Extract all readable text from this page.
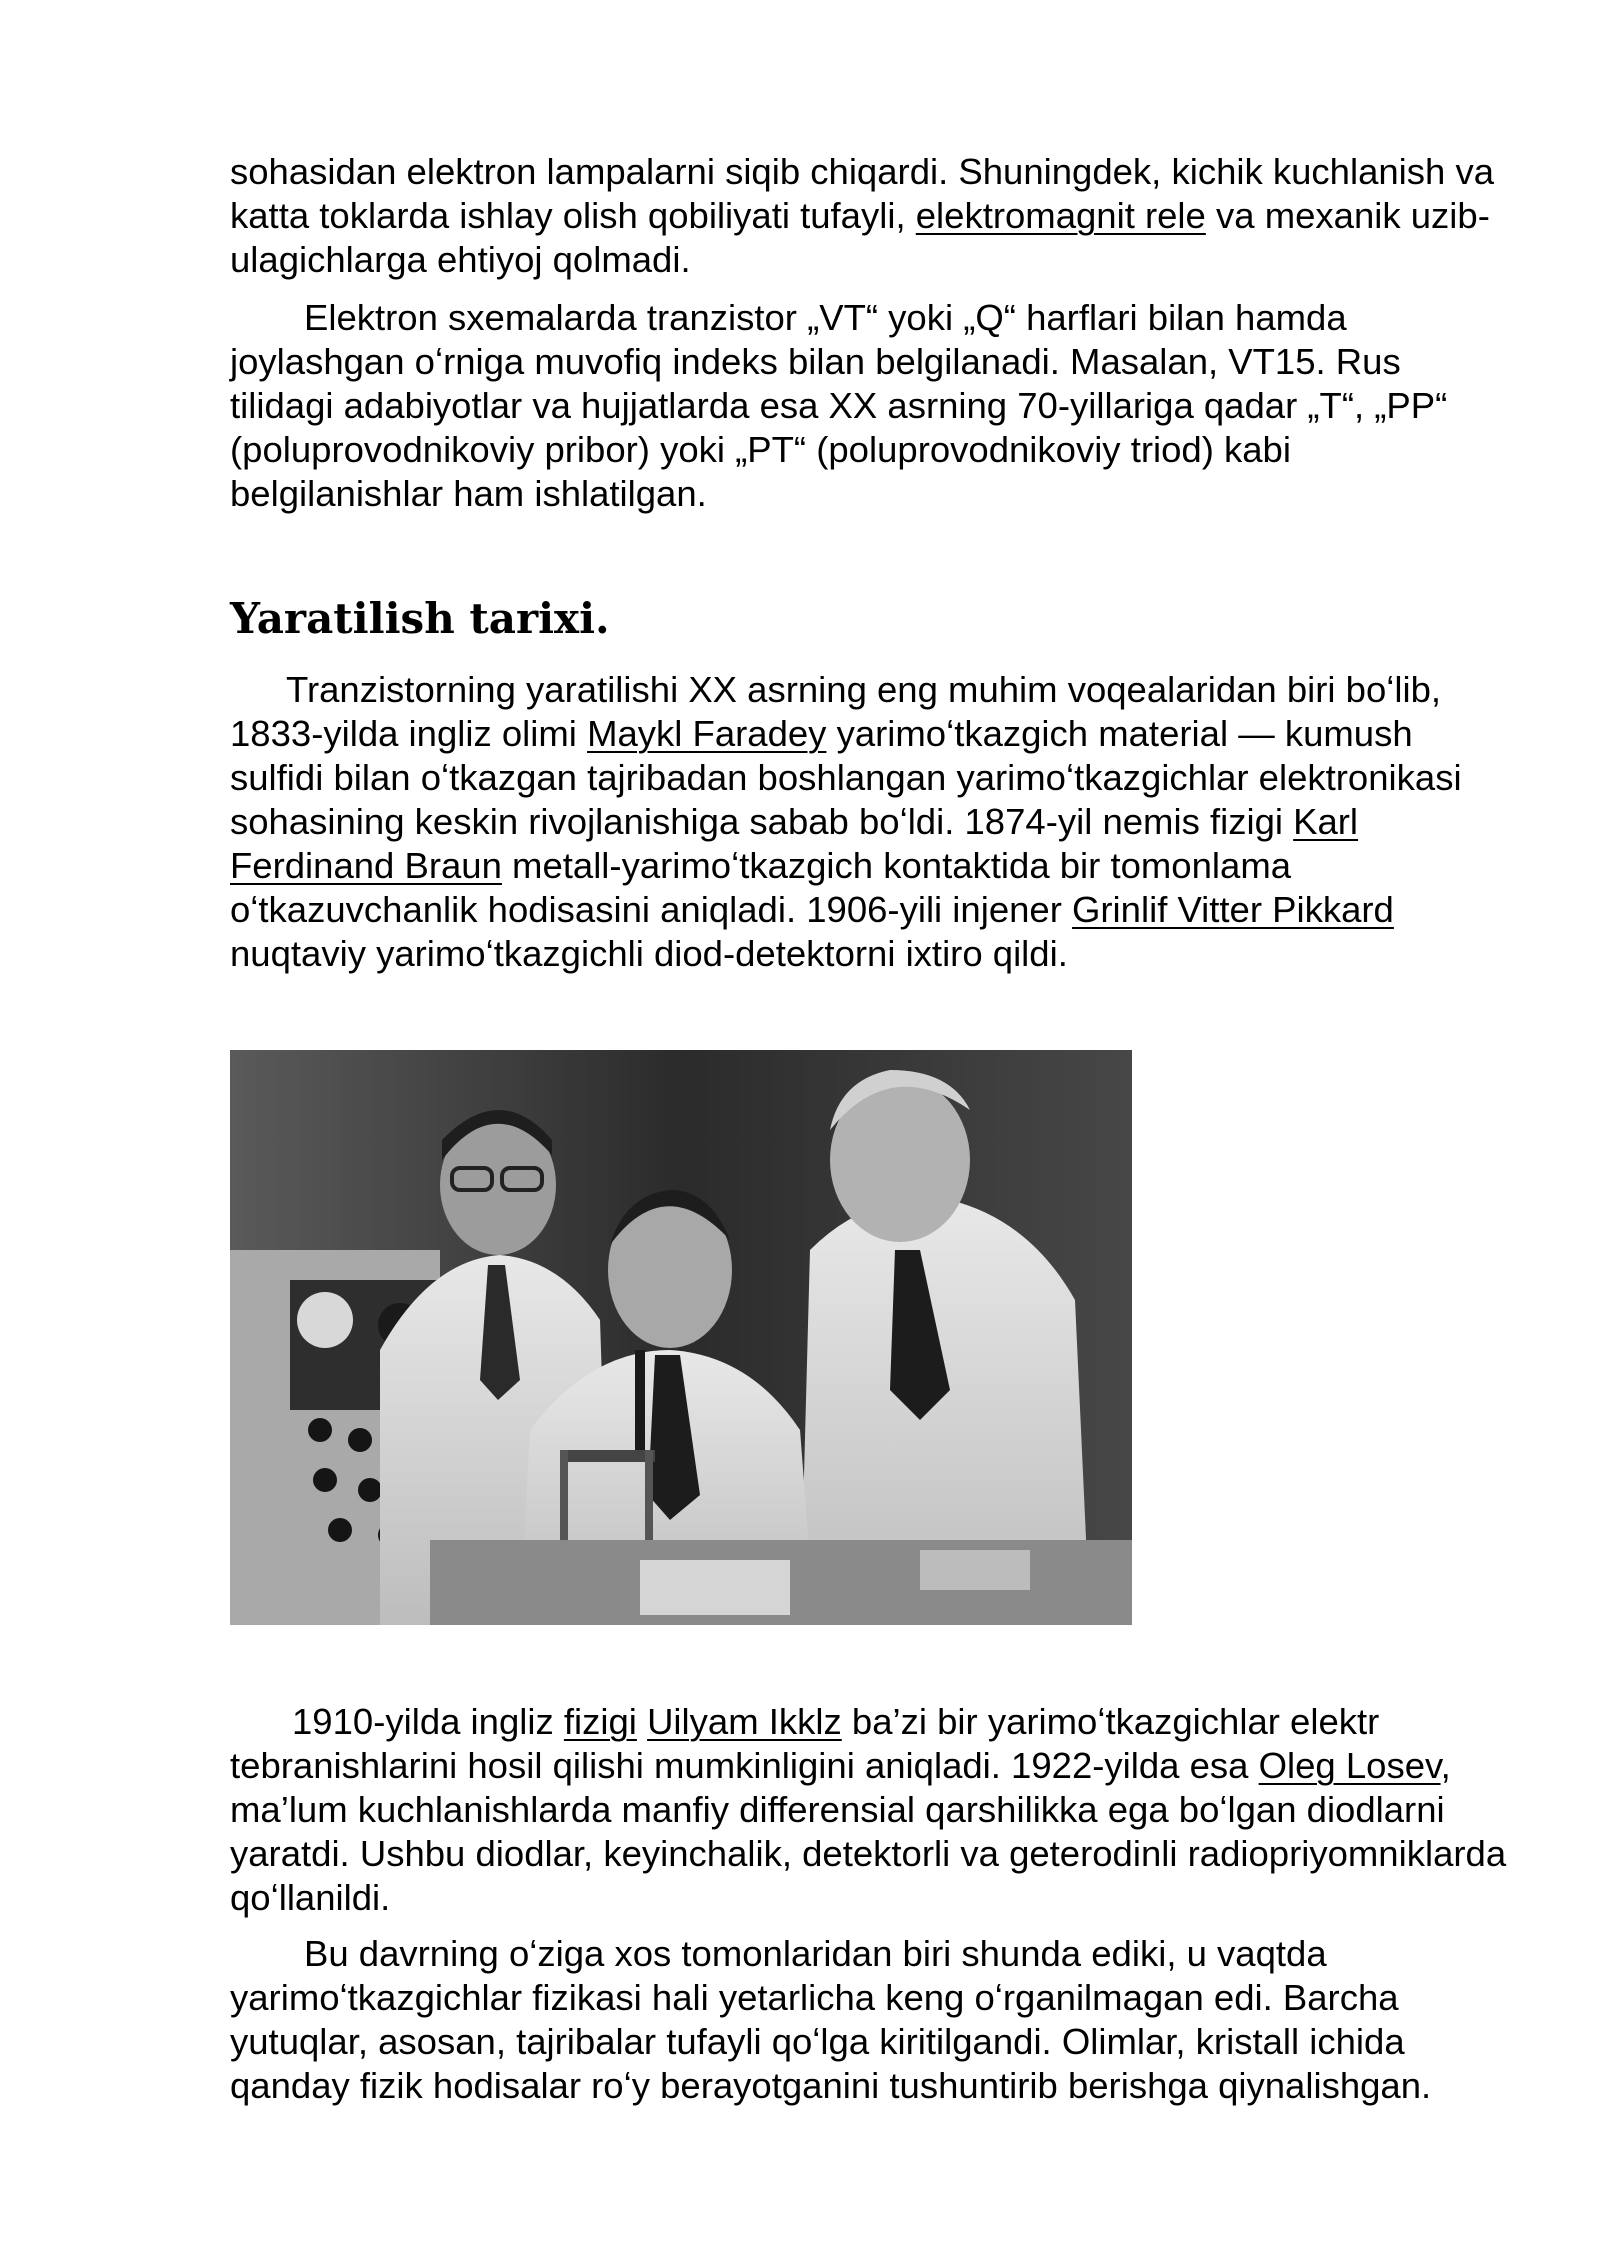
sohasidan elektron lampalarni siqib chiqardi. Shuningdek, kichik kuchlanish va katta toklarda ishlay olish qobiliyati tufayli, elektromagnit rele va mexanik uzib-ulagichlarga ehtiyoj qolmadi.

Elektron sxemalarda tranzistor „VT“ yoki „Q“ harflari bilan hamda joylashgan oʻrniga muvofiq indeks bilan belgilanadi. Masalan, VT15. Rus tilidagi adabiyotlar va hujjatlarda esa XX asrning 70-yillariga qadar „T“, „PP“ (poluprovodnikoviy pribor) yoki „PT“ (poluprovodnikoviy triod) kabi belgilanishlar ham ishlatilgan.

Yaratilish tarixi.

Tranzistorning yaratilishi XX asrning eng muhim voqealaridan biri boʻlib, 1833-yilda ingliz olimi Maykl Faradey yarimoʻtkazgich material — kumush sulfidi bilan oʻtkazgan tajribadan boshlangan yarimoʻtkazgichlar elektronikasi sohasining keskin rivojlanishiga sabab boʻldi. 1874-yil nemis fizigi Karl Ferdinand Braun metall-yarimoʻtkazgich kontaktida bir tomonlama oʻtkazuvchanlik hodisasini aniqladi. 1906-yili injener Grinlif Vitter Pikkard nuqtaviy yarimoʻtkazgichli diod-detektorni ixtiro qildi.

1910-yilda ingliz fizigi Uilyam Ikklz ba’zi bir yarimoʻtkazgichlar elektr tebranishlarini hosil qilishi mumkinligini aniqladi. 1922-yilda esa Oleg Losev, ma’lum kuchlanishlarda manfiy differensial qarshilikka ega boʻlgan diodlarni yaratdi. Ushbu diodlar, keyinchalik, detektorli va geterodinli radiopriyomniklarda qoʻllanildi.

Bu davrning oʻziga xos tomonlaridan biri shunda ediki, u vaqtda yarimoʻtkazgichlar fizikasi hali yetarlicha keng oʻrganilmagan edi. Barcha yutuqlar, asosan, tajribalar tufayli qoʻlga kiritilgandi. Olimlar, kristall ichida qanday fizik hodisalar roʻy berayotganini tushuntirib berishga qiynalishgan.
